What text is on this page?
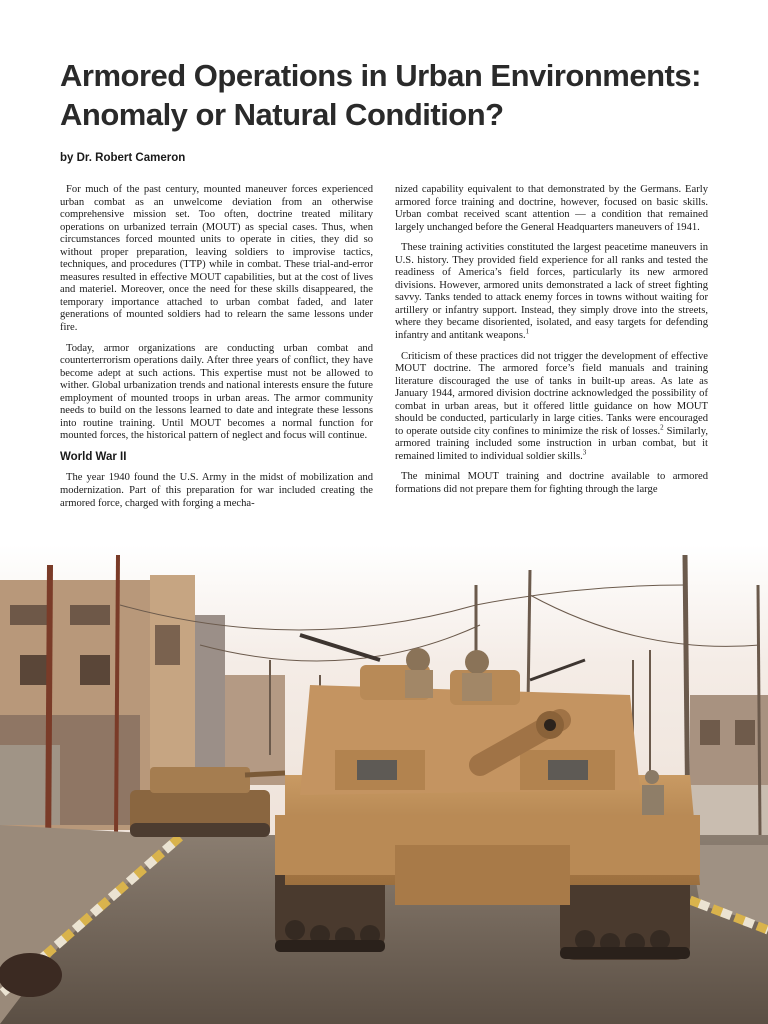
Armored Operations in Urban Environments:
Anomaly or Natural Condition?
by Dr. Robert Cameron

For much of the past century, mounted maneuver forces experienced urban combat as an unwelcome deviation from an otherwise comprehensive mission set. Too often, doctrine treated military operations on urbanized terrain (MOUT) as special cases. Thus, when circumstances forced mounted units to operate in cities, they did so without proper preparation, leaving soldiers to improvise tactics, techniques, and procedures (TTP) while in combat. These trial-and-error measures resulted in effective MOUT capabilities, but at the cost of lives and materiel. Moreover, once the need for these skills disappeared, the temporary importance attached to urban combat faded, and later generations of mounted soldiers had to relearn the same lessons under fire.

Today, armor organizations are conducting urban combat and counterterrorism operations daily. After three years of conflict, they have become adept at such actions. This expertise must not be allowed to wither. Global urbanization trends and national interests ensure the future employment of mounted troops in urban areas. The armor community needs to build on the lessons learned to date and integrate these lessons into routine training. Until MOUT becomes a normal function for mounted forces, the historical pattern of neglect and focus will continue.

World War II

The year 1940 found the U.S. Army in the midst of mobilization and modernization. Part of this preparation for war included creating the armored force, charged with forging a mecha-

nized capability equivalent to that demonstrated by the Germans. Early armored force training and doctrine, however, focused on basic skills. Urban combat received scant attention — a condition that remained largely unchanged before the General Headquarters maneuvers of 1941.

These training activities constituted the largest peacetime maneuvers in U.S. history. They provided field experience for all ranks and tested the readiness of America’s field forces, particularly its new armored divisions. However, armored units demonstrated a lack of street fighting savvy. Tanks tended to attack enemy forces in towns without waiting for artillery or infantry support. Instead, they simply drove into the streets, where they became disoriented, isolated, and easy targets for defending infantry and antitank weapons.$^1$

Criticism of these practices did not trigger the development of effective MOUT doctrine. The armored force’s field manuals and training literature discouraged the use of tanks in built-up areas. As late as January 1944, armored division doctrine acknowledged the possibility of combat in urban areas, but it offered little guidance on how MOUT should be conducted, particularly in large cities. Tanks were encouraged to operate outside city confines to minimize the risk of losses.$^2$ Similarly, armored training included some instruction in urban combat, but it remained limited to individual soldier skills.$^3$

The minimal MOUT training and doctrine available to armored formations did not prepare them for fighting through the large
